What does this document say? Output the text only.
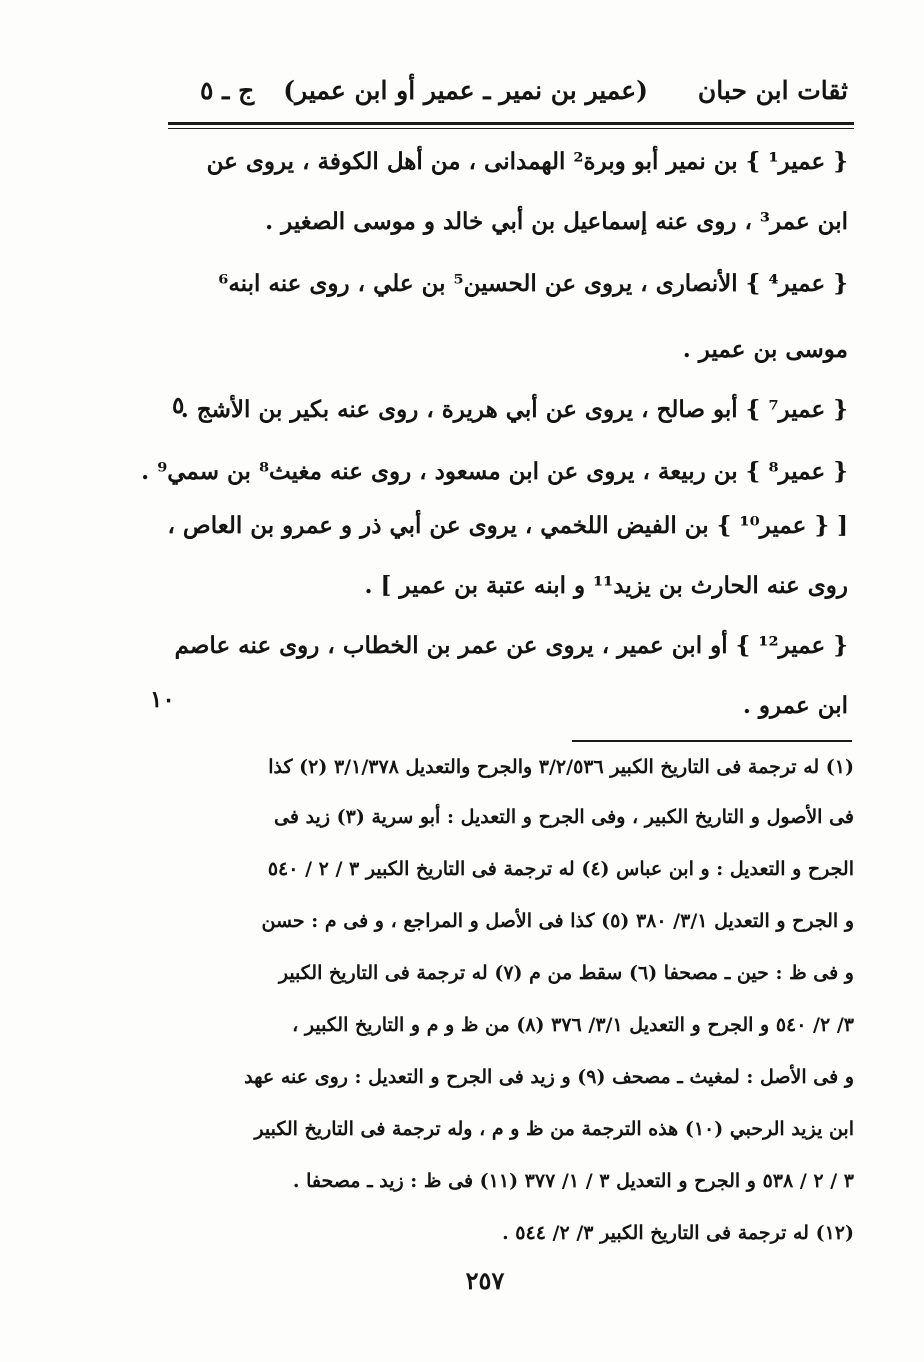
ثقات ابن حبان
(عمير بن نمير ـ عمير أو ابن عمير)
ج ـ ٥
{ عمير¹ } بن نمير أبو وبرة² الهمدانى ، من أهل الكوفة ، يروى عن
ابن عمر³ ، روى عنه إسماعيل بن أبي خالد و موسى الصغير .
{ عمير⁴ } الأنصارى ، يروى عن الحسين⁵ بن علي ، روى عنه ابنه⁶
موسى بن عمير .
{ عمير⁷ } أبو صالح ، يروى عن أبي هريرة ، روى عنه بكير بن الأشج .
{ عمير⁸ } بن ربيعة ، يروى عن ابن مسعود ، روى عنه مغيث⁸ بن سمي⁹ .
[ { عمير¹⁰ } بن الفيض اللخمي ، يروى عن أبي ذر و عمرو بن العاص ،
روى عنه الحارث بن يزيد¹¹ و ابنه عتبة بن عمير ] .
{ عمير¹² } أو ابن عمير ، يروى عن عمر بن الخطاب ، روى عنه عاصم
ابن عمرو .
٥
١٠
(١) له ترجمة فى التاريخ الكبير ٣/٢/٥٣٦ والجرح والتعديل ٣/١/٣٧٨ (٢) كذا
فى الأصول و التاريخ الكبير ، وفى الجرح و التعديل : أبو سرية (٣) زيد فى
الجرح و التعديل : و ابن عباس (٤) له ترجمة فى التاريخ الكبير ٣ / ٢ / ٥٤٠
و الجرح و التعديل ٣/١/ ٣٨٠ (٥) كذا فى الأصل و المراجع ، و فى م : حسن
و فى ظ : حين ـ مصحفا (٦) سقط من م (٧) له ترجمة فى التاريخ الكبير
٣/ ٢/ ٥٤٠ و الجرح و التعديل ٣/١/ ٣٧٦ (٨) من ظ و م و التاريخ الكبير ،
و فى الأصل : لمغيث ـ مصحف (٩) و زيد فى الجرح و التعديل : روى عنه عهد
ابن يزيد الرحبي (١٠) هذه الترجمة من ظ و م ، وله ترجمة فى التاريخ الكبير
٣ / ٢ / ٥٣٨ و الجرح و التعديل ٣ / ١/ ٣٧٧ (١١) فى ظ : زيد ـ مصحفا .
(١٢) له ترجمة فى التاريخ الكبير ٣/ ٢/ ٥٤٤ .
٢٥٧
